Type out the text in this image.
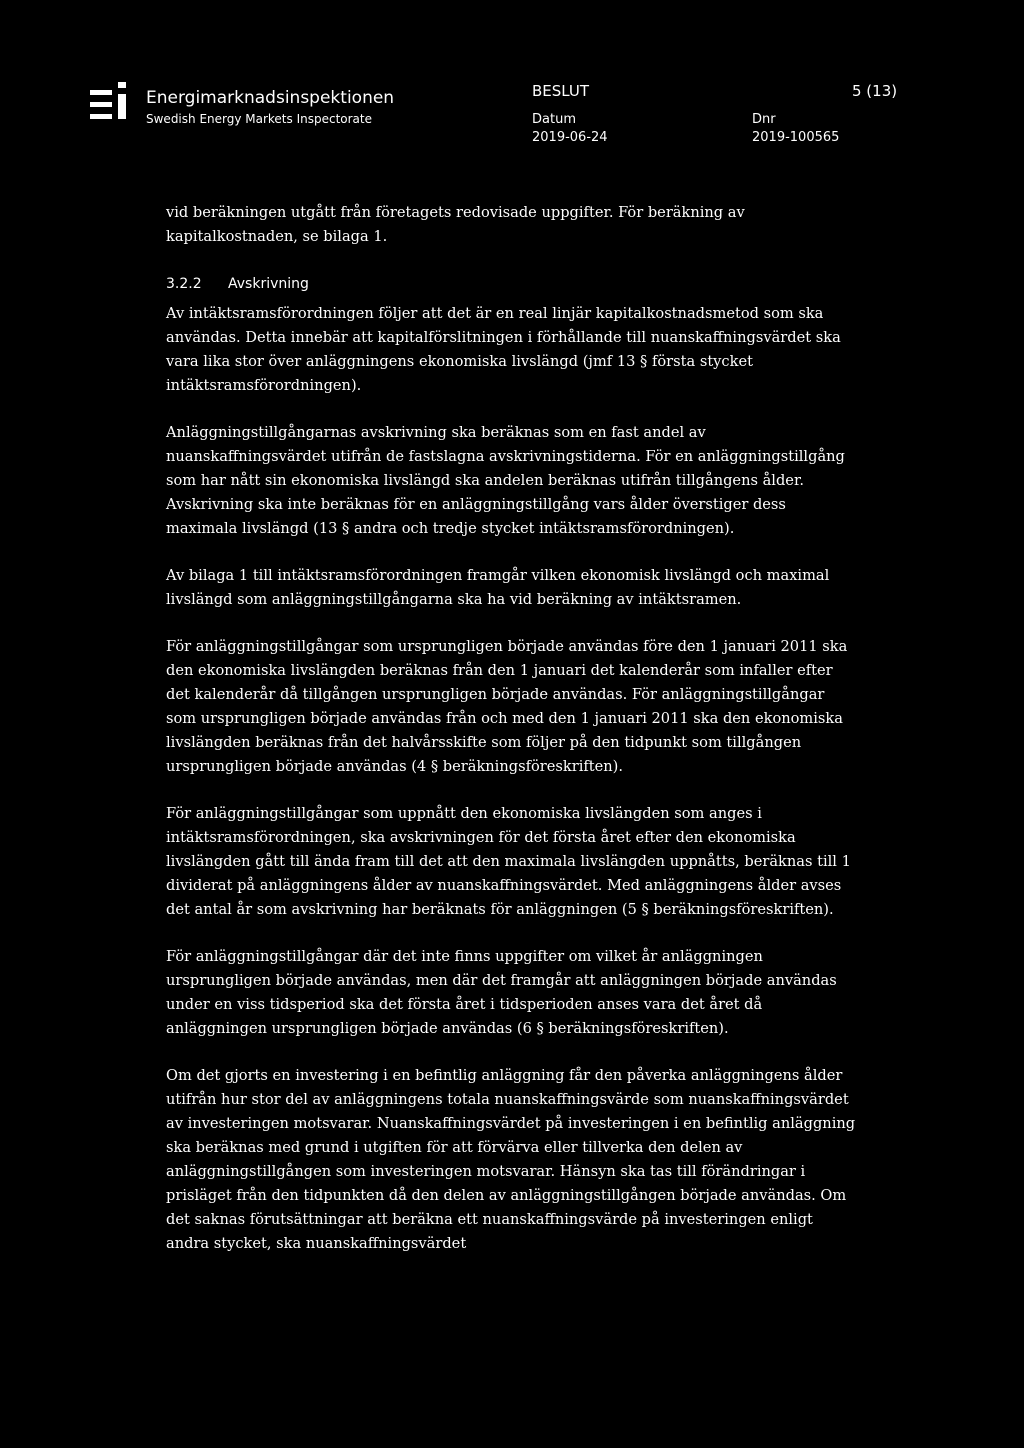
Energimarknadsinspektionen
Swedish Energy Markets Inspectorate
BESLUT	5 (13)
Datum
2019-06-24
Dnr
2019-100565

vid beräkningen utgått från företagets redovisade uppgifter. För beräkning av kapitalkostnaden, se bilaga 1.

3.2.2 Avskrivning

Av intäktsramsförordningen följer att det är en real linjär kapitalkostnadsmetod som ska användas. Detta innebär att kapitalförslitningen i förhållande till nuanskaffningsvärdet ska vara lika stor över anläggningens ekonomiska livslängd (jmf 13 § första stycket intäktsramsförordningen).

Anläggningstillgångarnas avskrivning ska beräknas som en fast andel av nuanskaffningsvärdet utifrån de fastslagna avskrivningstiderna. För en anläggningstillgång som har nått sin ekonomiska livslängd ska andelen beräknas utifrån tillgångens ålder. Avskrivning ska inte beräknas för en anläggningstillgång vars ålder överstiger dess maximala livslängd (13 § andra och tredje stycket intäktsramsförordningen).

Av bilaga 1 till intäktsramsförordningen framgår vilken ekonomisk livslängd och maximal livslängd som anläggningstillgångarna ska ha vid beräkning av intäktsramen.

För anläggningstillgångar som ursprungligen började användas före den 1 januari 2011 ska den ekonomiska livslängden beräknas från den 1 januari det kalenderår som infaller efter det kalenderår då tillgången ursprungligen började användas. För anläggningstillgångar som ursprungligen började användas från och med den 1 januari 2011 ska den ekonomiska livslängden beräknas från det halvårsskifte som följer på den tidpunkt som tillgången ursprungligen började användas (4 § beräkningsföreskriften).

För anläggningstillgångar som uppnått den ekonomiska livslängden som anges i intäktsramsförordningen, ska avskrivningen för det första året efter den ekonomiska livslängden gått till ända fram till det att den maximala livslängden uppnåtts, beräknas till 1 dividerat på anläggningens ålder av nuanskaffningsvärdet. Med anläggningens ålder avses det antal år som avskrivning har beräknats för anläggningen (5 § beräkningsföreskriften).

För anläggningstillgångar där det inte finns uppgifter om vilket år anläggningen ursprungligen började användas, men där det framgår att anläggningen började användas under en viss tidsperiod ska det första året i tidsperioden anses vara det året då anläggningen ursprungligen började användas (6 § beräkningsföreskriften).

Om det gjorts en investering i en befintlig anläggning får den påverka anläggningens ålder utifrån hur stor del av anläggningens totala nuanskaffningsvärde som nuanskaffningsvärdet av investeringen motsvarar. Nuanskaffningsvärdet på investeringen i en befintlig anläggning ska beräknas med grund i utgiften för att förvärva eller tillverka den delen av anläggningstillgången som investeringen motsvarar. Hänsyn ska tas till förändringar i prisläget från den tidpunkten då den delen av anläggningstillgången började användas. Om det saknas förutsättningar att beräkna ett nuanskaffningsvärde på investeringen enligt andra stycket, ska nuanskaffningsvärdet
